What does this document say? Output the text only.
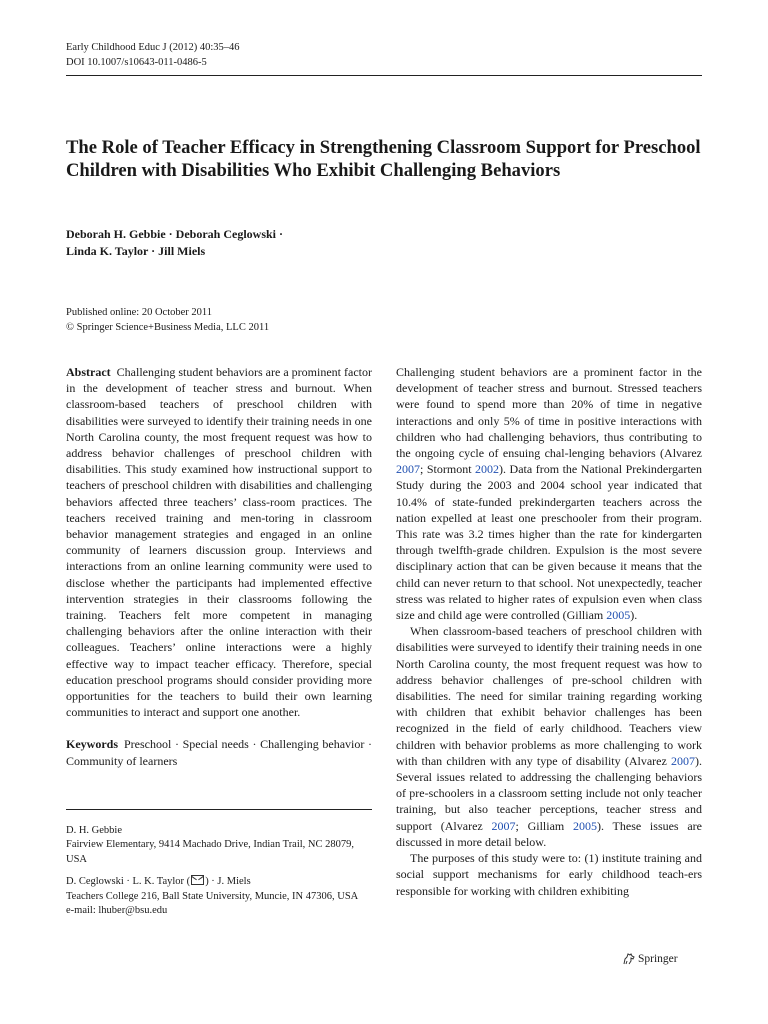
Early Childhood Educ J (2012) 40:35–46
DOI 10.1007/s10643-011-0486-5
The Role of Teacher Efficacy in Strengthening Classroom Support for Preschool Children with Disabilities Who Exhibit Challenging Behaviors
Deborah H. Gebbie · Deborah Ceglowski ·
Linda K. Taylor · Jill Miels
Published online: 20 October 2011
© Springer Science+Business Media, LLC 2011

Abstract Challenging student behaviors are a prominent factor in the development of teacher stress and burnout. When classroom-based teachers of preschool children with disabilities were surveyed to identify their training needs in one North Carolina county, the most frequent request was how to address behavior challenges of preschool children with disabilities. This study examined how instructional support to teachers of preschool children with disabilities and challenging behaviors affected three teachers’ class-room practices. The teachers received training and men-toring in classroom behavior management strategies and engaged in an online community of learners discussion group. Interviews and interactions from an online learning community were used to disclose whether the participants had implemented effective intervention strategies in their classrooms following the training. Teachers felt more competent in managing challenging behaviors after the online interaction with their colleagues. Teachers’ online interactions were a highly effective way to impact teacher efficacy. Therefore, special education preschool programs should consider providing more opportunities for the teachers to build their own learning communities to interact and support one another.

Keywords Preschool · Special needs · Challenging behavior · Community of learners

D. H. Gebbie
Fairview Elementary, 9414 Machado Drive, Indian Trail, NC 28079, USA

D. Ceglowski · L. K. Taylor ( ) · J. Miels
Teachers College 216, Ball State University, Muncie, IN 47306, USA
e-mail: lhuber@bsu.edu

Challenging student behaviors are a prominent factor in the development of teacher stress and burnout. Stressed teachers were found to spend more than 20% of time in negative interactions and only 5% of time in positive interactions with children who had challenging behaviors, thus contributing to the ongoing cycle of ensuing chal-lenging behaviors (Alvarez 2007; Stormont 2002). Data from the National Prekindergarten Study during the 2003 and 2004 school year indicated that 10.4% of state-funded prekindergarten teachers across the nation expelled at least one preschooler from their program. This rate was 3.2 times higher than the rate for kindergarten through twelfth-grade children. Expulsion is the most severe disciplinary action that can be given because it means that the child can never return to that school. Not unexpectedly, teacher stress was related to higher rates of expulsion even when class size and child age were controlled (Gilliam 2005).

When classroom-based teachers of preschool children with disabilities were surveyed to identify their training needs in one North Carolina county, the most frequent request was how to address behavior challenges of pre-school children with disabilities. The need for similar training regarding working with children that exhibit behavior challenges has been recognized in the field of early childhood. Teachers view children with behavior problems as more challenging to work with than children with any type of disability (Alvarez 2007). Several issues related to addressing the challenging behaviors of pre-schoolers in a classroom setting include not only teacher training, but also teacher perceptions, teacher stress and support (Alvarez 2007; Gilliam 2005). These issues are discussed in more detail below.

The purposes of this study were to: (1) institute training and social support mechanisms for early childhood teach-ers responsible for working with children exhibiting

Springer
